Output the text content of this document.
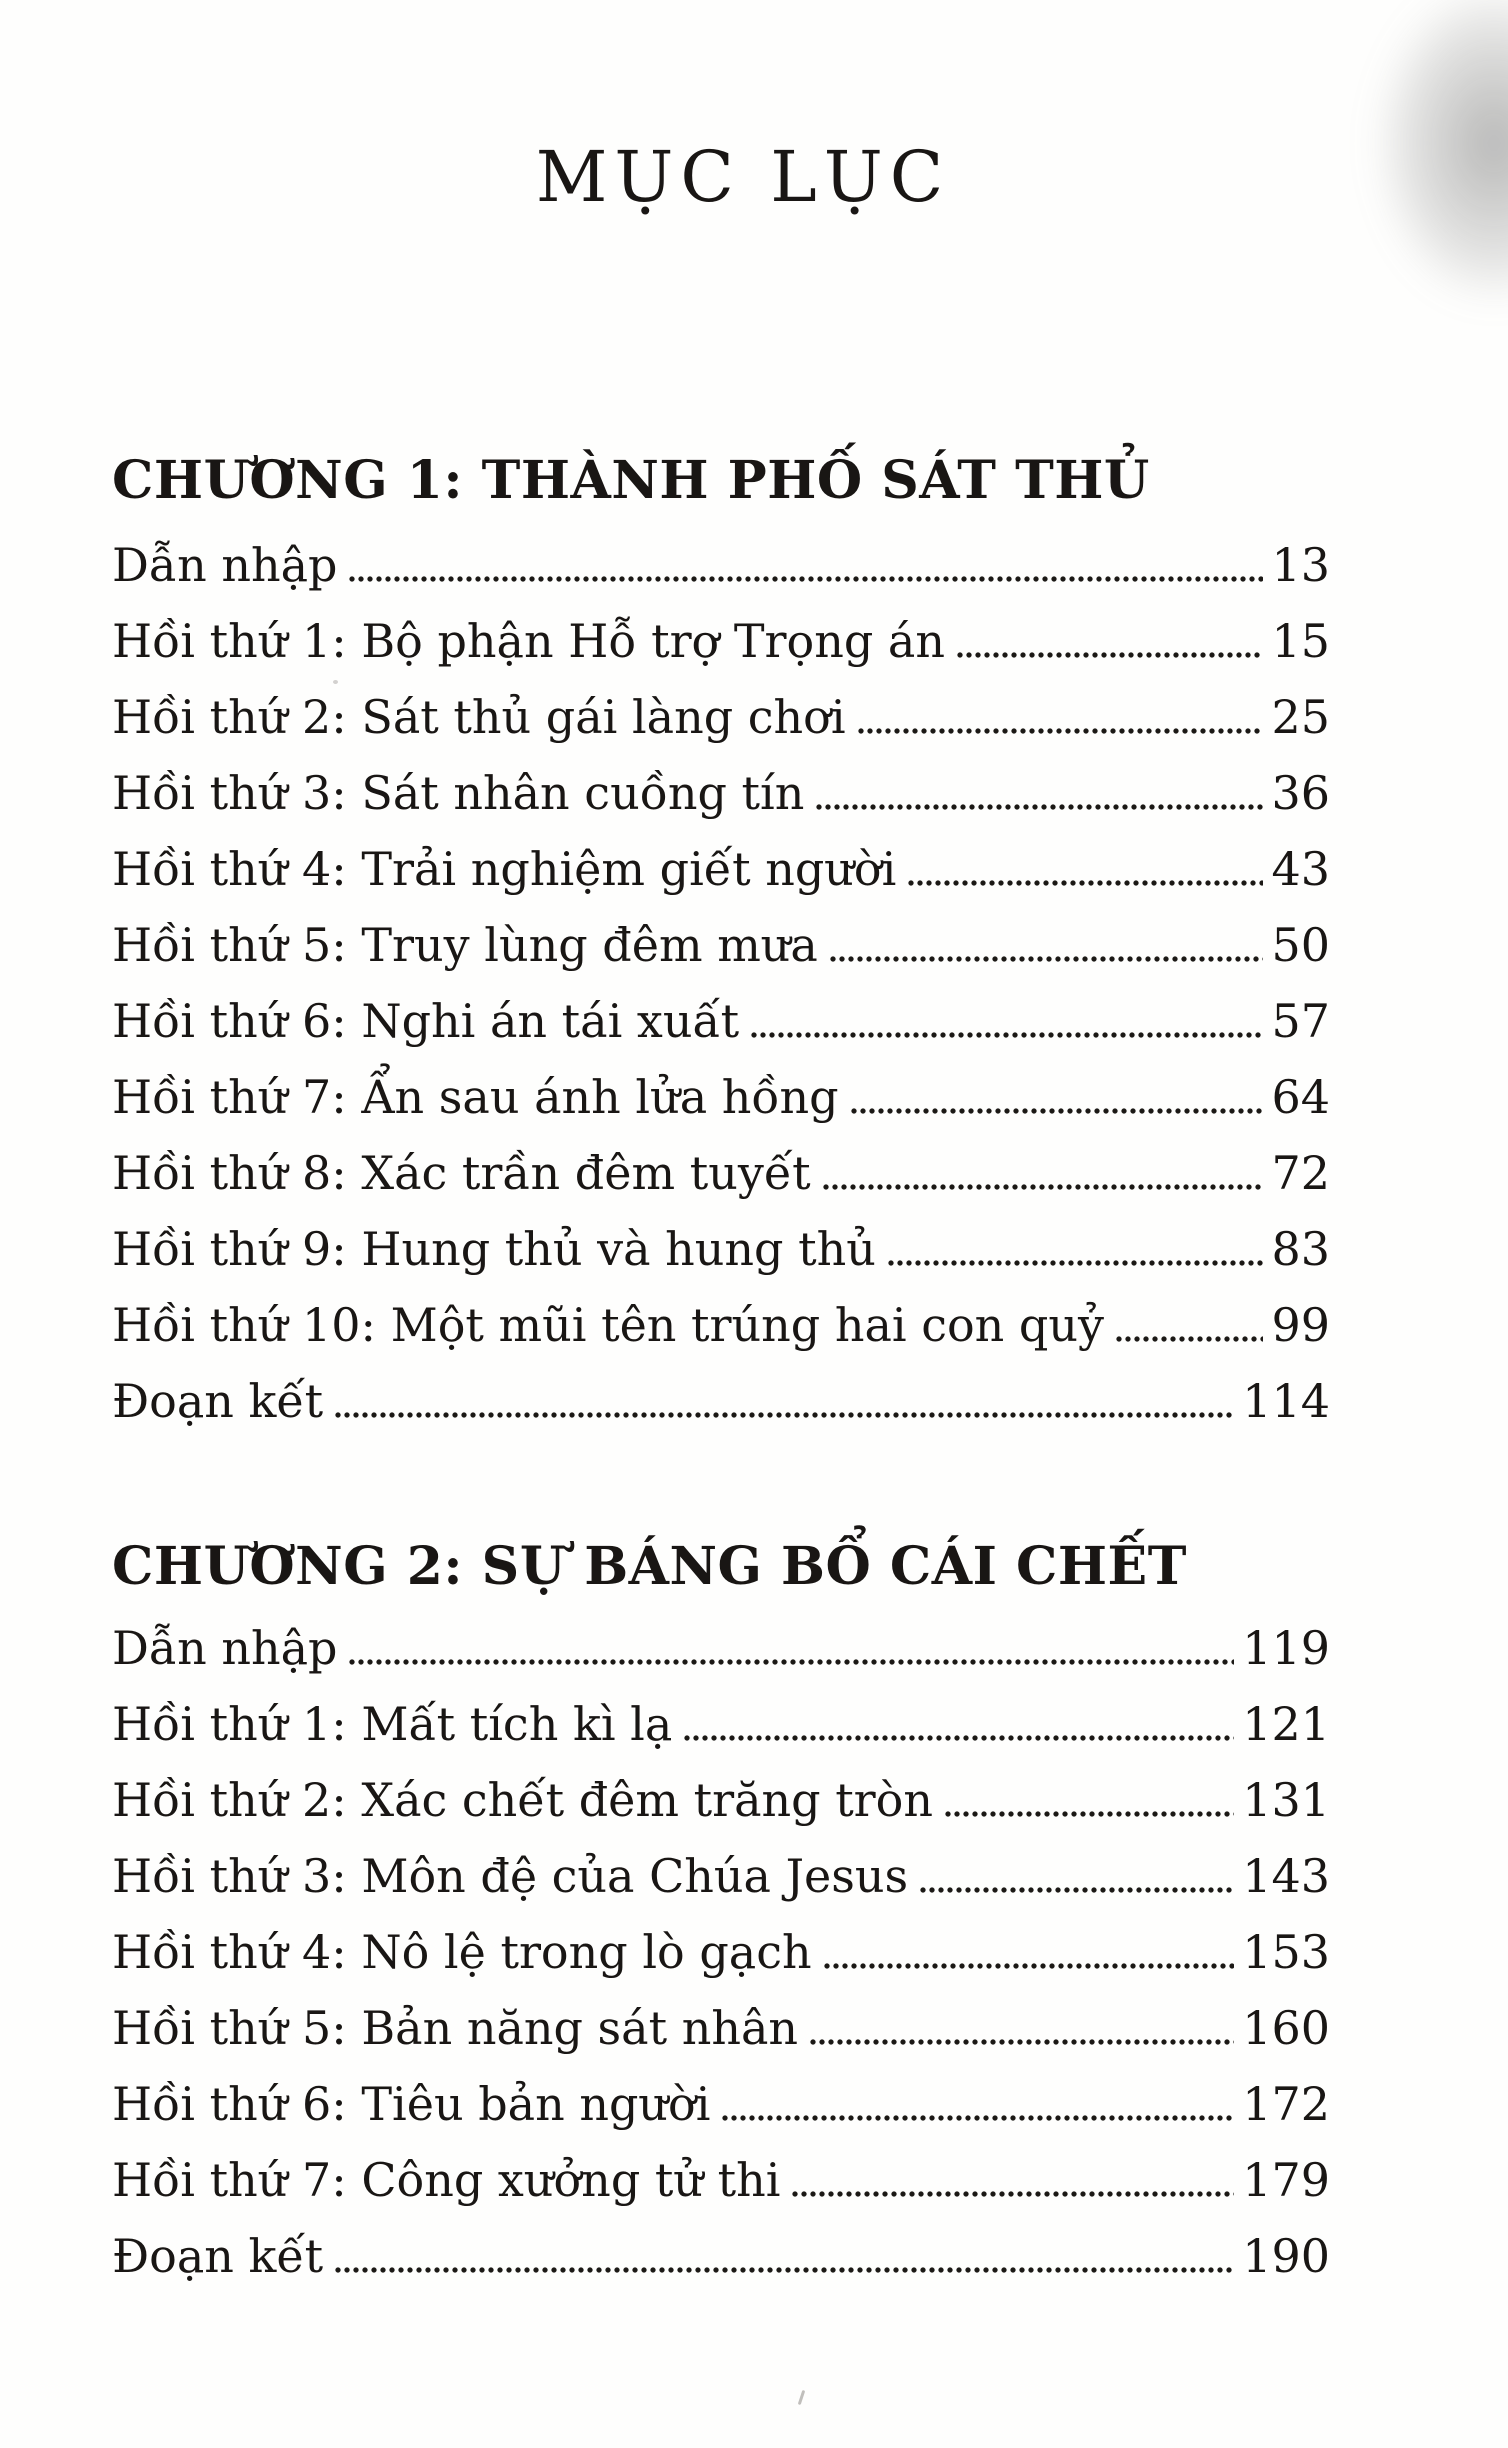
MỤC LỤC
CHƯƠNG 1: THÀNH PHỐ SÁT THỦ
Dẫn nhập	13
Hồi thứ 1: Bộ phận Hỗ trợ Trọng án	15
Hồi thứ 2: Sát thủ gái làng chơi	25
Hồi thứ 3: Sát nhân cuồng tín	36
Hồi thứ 4: Trải nghiệm giết người	43
Hồi thứ 5: Truy lùng đêm mưa	50
Hồi thứ 6: Nghi án tái xuất	57
Hồi thứ 7: Ẩn sau ánh lửa hồng	64
Hồi thứ 8: Xác trần đêm tuyết	72
Hồi thứ 9: Hung thủ và hung thủ	83
Hồi thứ 10: Một mũi tên trúng hai con quỷ	99
Đoạn kết	114
CHƯƠNG 2: SỰ BÁNG BỔ CÁI CHẾT
Dẫn nhập	119
Hồi thứ 1: Mất tích kì lạ	121
Hồi thứ 2: Xác chết đêm trăng tròn	131
Hồi thứ 3: Môn đệ của Chúa Jesus	143
Hồi thứ 4: Nô lệ trong lò gạch	153
Hồi thứ 5: Bản năng sát nhân	160
Hồi thứ 6: Tiêu bản người	172
Hồi thứ 7: Công xưởng tử thi	179
Đoạn kết	190
